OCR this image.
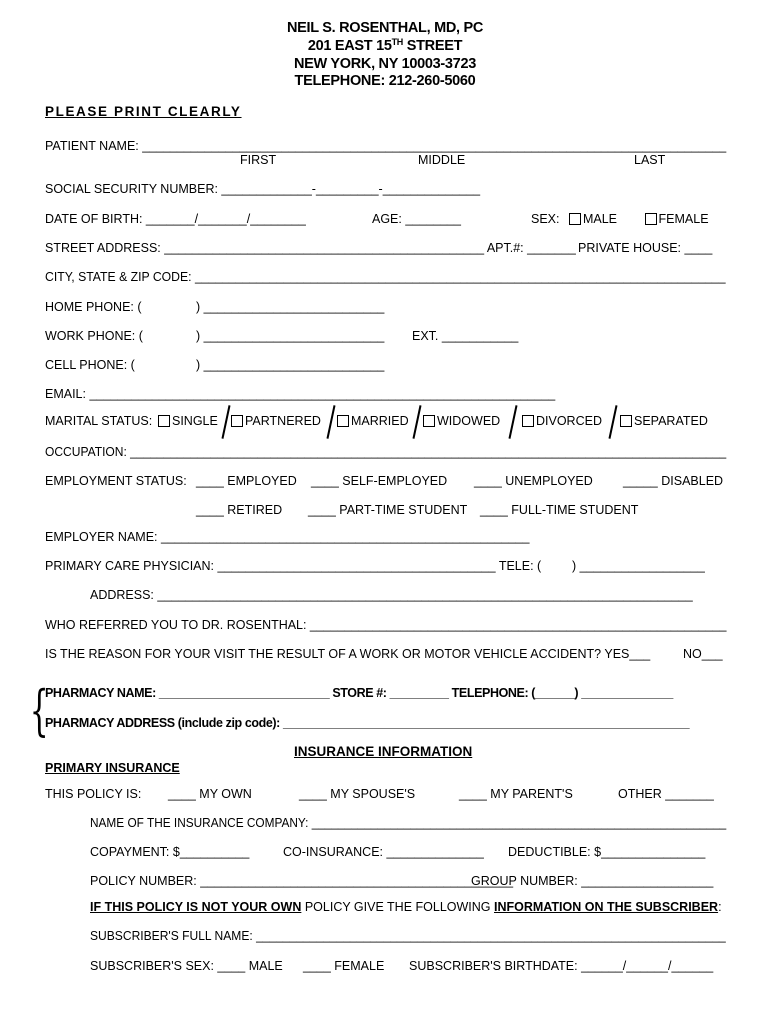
NEIL S. ROSENTHAL, MD, PC
201 EAST 15TH STREET
NEW YORK, NY 10003-3723
TELEPHONE: 212-260-5060
PLEASE PRINT CLEARLY
PATIENT NAME: ____________________________________________________________________________________
FIRST	MIDDLE	LAST
SOCIAL SECURITY NUMBER: _____________-_________-______________
DATE OF BIRTH: _______/_______/________	AGE: ________	SEX: MALE	FEMALE
STREET ADDRESS: ______________________________________________ APT.#: _______ PRIVATE HOUSE: ____
CITY, STATE & ZIP CODE: ______________________________________________________________________________
HOME PHONE: (	) __________________________
WORK PHONE: (	) __________________________ EXT. ___________
CELL PHONE: (	) __________________________
EMAIL: ___________________________________________________________________
MARITAL STATUS:	SINGLE	PARTNERED	MARRIED	WIDOWED	DIVORCED	SEPARATED
OCCUPATION: _________________________________________________________________________________________
EMPLOYMENT STATUS: ____ EMPLOYED ____ SELF-EMPLOYED ____ UNEMPLOYED _____ DISABLED
____ RETIRED ____ PART-TIME STUDENT ____ FULL-TIME STUDENT
EMPLOYER NAME: _____________________________________________________
PRIMARY CARE PHYSICIAN: ________________________________________ TELE: ( ) __________________
ADDRESS: _____________________________________________________________________________
WHO REFERRED YOU TO DR. ROSENTHAL: ____________________________________________________________
IS THE REASON FOR YOUR VISIT THE RESULT OF A WORK OR MOTOR VEHICLE ACCIDENT? YES___	NO___
{
PHARMACY NAME: __________________________ STORE #: _________ TELEPHONE: (______) ______________
PHARMACY ADDRESS (include zip code): ______________________________________________________________
INSURANCE INFORMATION
PRIMARY INSURANCE
THIS POLICY IS: ____ MY OWN	____ MY SPOUSE'S	____ MY PARENT'S	OTHER _______
NAME OF THE INSURANCE COMPANY: _______________________________________________________________
COPAYMENT: $__________	CO-INSURANCE: ______________ DEDUCTIBLE: $_______________
POLICY NUMBER: _____________________________________________
GROUP NUMBER: ___________________
IF THIS POLICY IS NOT YOUR OWN POLICY GIVE THE FOLLOWING INFORMATION ON THE SUBSCRIBER:
SUBSCRIBER'S FULL NAME: ______________________________________________________________________
SUBSCRIBER'S SEX: ____ MALE ____ FEMALE SUBSCRIBER'S BIRTHDATE: ______/______/______
